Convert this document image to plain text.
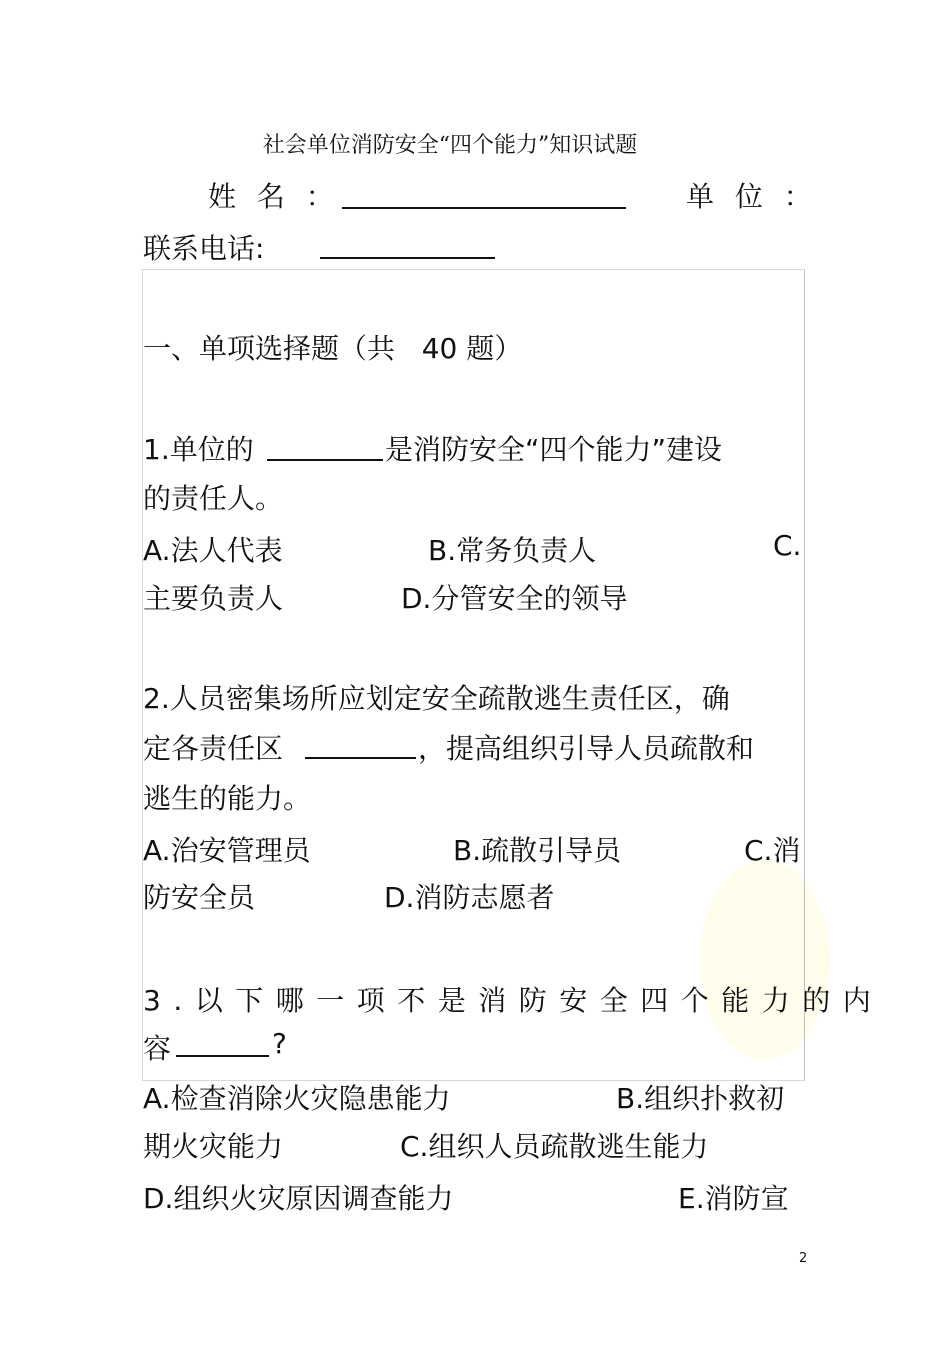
社会单位消防安全“四个能力”知识试题
姓 名 ：	单 位 ：
联系电话:
一、单项选择题（共   40 题）
1.单位的	是消防安全“四个能力”建设
的责任人。
A.法人代表	B.常务负责人	C.
主要负责人	D.分管安全的领导
2.人员密集场所应划定安全疏散逃生责任区，确
定各责任区	，提高组织引导人员疏散和
逃生的能力。
A.治安管理员	B.疏散引导员	C.消
防安全员	D.消防志愿者
3.以下哪一项不是消防安全四个能力的内
容	?
A.检查消除火灾隐患能力	B.组织扑救初
期火灾能力	C.组织人员疏散逃生能力
D.组织火灾原因调查能力	E.消防宣
2
